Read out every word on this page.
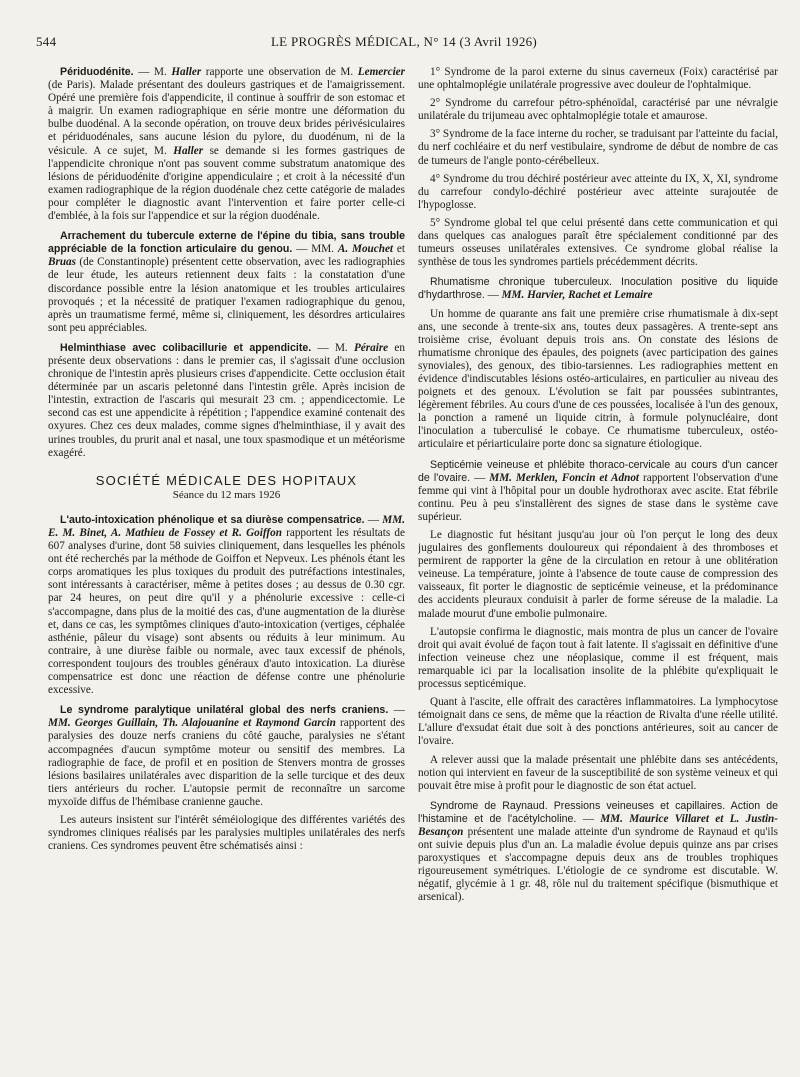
544	LE PROGRÈS MÉDICAL, N° 14 (3 Avril 1926)

Périduodénite. — M. Haller rapporte une observation de M. Lemercier (de Paris). Malade présentant des douleurs gastriques et de l'amaigrissement. Opéré une première fois d'appendicite, il continue à souffrir de son estomac et à maigrir. Un examen radiographique en série montre une déformation du bulbe duodénal. A la seconde opération, on trouve deux brides périvésiculaires et périduodénales, sans aucune lésion du pylore, du duodénum, ni de la vésicule. A ce sujet, M. Haller se demande si les formes gastriques de l'appendicite chronique n'ont pas souvent comme substratum anatomique des lésions de périduodénite d'origine appendiculaire ; et croit à la nécessité d'un examen radiographique de la région duodénale chez cette catégorie de malades pour compléter le diagnostic avant l'intervention et faire porter celle-ci d'emblée, à la fois sur l'appendice et sur la région duodénale.

Arrachement du tubercule externe de l'épine du tibia, sans trouble appréciable de la fonction articulaire du genou. — MM. A. Mouchet et Bruas (de Constantinople) présentent cette observation, avec les radiographies de leur étude, les auteurs retiennent deux faits : la constatation d'une discordance possible entre la lésion anatomique et les troubles articulaires provoqués ; et la nécessité de pratiquer l'examen radiographique du genou, après un traumatisme fermé, même si, cliniquement, les désordres articulaires sont peu appréciables.

Helminthiase avec colibacillurie et appendicite. — M. Péraire en présente deux observations : dans le premier cas, il s'agissait d'une occlusion chronique de l'intestin après plusieurs crises d'appendicite. Cette occlusion était déterminée par un ascaris peletonné dans l'intestin grêle. Après incision de l'intestin, extraction de l'ascaris qui mesurait 23 cm. ; appendicectomie. Le second cas est une appendicite à répétition ; l'appendice examiné contenait des oxyures. Chez ces deux malades, comme signes d'helminthiase, il y avait des urines troubles, du prurit anal et nasal, une toux spasmodique et un météorisme exagéré.

SOCIÉTÉ MÉDICALE DES HOPITAUX
Séance du 12 mars 1926

L'auto-intoxication phénolique et sa diurèse compensatrice. — MM. E. M. Binet, A. Mathieu de Fossey et R. Goiffon rapportent les résultats de 607 analyses d'urine, dont 58 suivies cliniquement, dans lesquelles les phénols ont été recherchés par la méthode de Goiffon et Nepveux. Les phénols étant les corps aromatiques les plus toxiques du produit des putréfactions intestinales, sont intéressants à caractériser, même à petites doses ; au dessus de 0.30 cgr. par 24 heures, on peut dire qu'il y a phénolurie excessive : celle-ci s'accompagne, dans plus de la moitié des cas, d'une augmentation de la diurèse et, dans ce cas, les symptômes cliniques d'auto-intoxication (vertiges, céphalée asthénie, pâleur du visage) sont absents ou réduits à leur minimum. Au contraire, à une diurèse faible ou normale, avec taux excessif de phénols, correspondent toujours des troubles généraux d'auto intoxication. La diurèse compensatrice est donc une réaction de défense contre une phénolurie excessive.

Le syndrome paralytique unilatéral global des nerfs craniens. — MM. Georges Guillain, Th. Alajouanine et Raymond Garcin rapportent des paralysies des douze nerfs craniens du côté gauche, paralysies ne s'étant accompagnées d'aucun symptôme moteur ou sensitif des membres. La radiographie de face, de profil et en position de Stenvers montra de grosses lésions basilaires unilatérales avec disparition de la selle turcique et des deux tiers antérieurs du rocher. L'autopsie permit de reconnaître un sarcome myxoïde diffus de l'hémibase cranienne gauche.

Les auteurs insistent sur l'intérêt séméiologique des différentes variétés des syndromes cliniques réalisés par les paralysies multiples unilatérales des nerfs craniens. Ces syndromes peuvent être schématisés ainsi :

1° Syndrome de la paroi externe du sinus caverneux (Foix) caractérisé par une ophtalmoplégie unilatérale progressive avec douleur de l'ophtalmique.

2° Syndrome du carrefour pétro-sphénoïdal, caractérisé par une névralgie unilatérale du trijumeau avec ophtalmoplégie totale et amaurose.

3° Syndrome de la face interne du rocher, se traduisant par l'atteinte du facial, du nerf cochléaire et du nerf vestibulaire, syndrome de début de nombre de cas de tumeurs de l'angle ponto-cérébelleux.

4° Syndrome du trou déchiré postérieur avec atteinte du IX, X, XI, syndrome du carrefour condylo-déchiré postérieur avec atteinte surajoutée de l'hypoglosse.

5° Syndrome global tel que celui présenté dans cette communication et qui dans quelques cas analogues paraît être spécialement conditionné par des tumeurs osseuses unilatérales extensives. Ce syndrome global réalise la synthèse de tous les syndromes partiels précédemment décrits.

Rhumatisme chronique tuberculeux. Inoculation positive du liquide d'hydarthrose. — MM. Harvier, Rachet et Lemaire

Un homme de quarante ans fait une première crise rhumatismale à dix-sept ans, une seconde à trente-six ans, toutes deux passagères. A trente-sept ans troisième crise, évoluant depuis trois ans. On constate des lésions de rhumatisme chronique des épaules, des poignets (avec participation des gaines synoviales), des genoux, des tibio-tarsiennes. Les radiographies mettent en évidence d'indiscutables lésions ostéo-articulaires, en particulier au niveau des poignets et des genoux. L'évolution se fait par poussées subintrantes, légèrement fébriles. Au cours d'une de ces poussées, localisée à l'un des genoux, la ponction a ramené un liquide citrin, à formule polynucléaire, dont l'inoculation a tuberculisé le cobaye. Ce rhumatisme tuberculeux, ostéo-articulaire et périarticulaire porte donc sa signature étiologique.

Septicémie veineuse et phlébite thoraco-cervicale au cours d'un cancer de l'ovaire. — MM. Merklen, Foncin et Adnot rapportent l'observation d'une femme qui vint à l'hôpital pour un double hydrothorax avec ascite. Etat fébrile continu. Peu à peu s'installèrent des signes de stase dans le système cave supérieur.

Le diagnostic fut hésitant jusqu'au jour où l'on perçut le long des deux jugulaires des gonflements douloureux qui répondaient à des thromboses et permirent de rapporter la gêne de la circulation en retour à une oblitération veineuse. La température, jointe à l'absence de toute cause de compression des vaisseaux, fit porter le diagnostic de septicémie veineuse, et la prédominance des accidents pleuraux conduisit à parler de forme séreuse de la maladie. La malade mourut d'une embolie pulmonaire.

L'autopsie confirma le diagnostic, mais montra de plus un cancer de l'ovaire droit qui avait évolué de façon tout à fait latente. Il s'agissait en définitive d'une infection veineuse chez une néoplasique, comme il est fréquent, mais remarquable ici par la localisation insolite de la phlébite qu'expliquait le processus septicémique.

Quant à l'ascite, elle offrait des caractères inflammatoires. La lymphocytose témoignait dans ce sens, de même que la réaction de Rivalta d'une réelle utilité. L'allure d'exsudat était due soit à des ponctions antérieures, soit au cancer de l'ovaire.

A relever aussi que la malade présentait une phlébite dans ses antécédents, notion qui intervient en faveur de la susceptibilité de son système veineux et qui pouvait être mise à profit pour le diagnostic de son état actuel.

Syndrome de Raynaud. Pressions veineuses et capillaires. Action de l'histamine et de l'acétylcholine. — MM. Maurice Villaret et L. Justin-Besançon présentent une malade atteinte d'un syndrome de Raynaud et qu'ils ont suivie depuis plus d'un an. La maladie évolue depuis quinze ans par crises paroxystiques et s'accompagne depuis deux ans de troubles trophiques rigoureusement symétriques. L'étiologie de ce syndrome est discutable. W. négatif, glycémie à 1 gr. 48, rôle nul du traitement spécifique (bismuthique et arsenical).
